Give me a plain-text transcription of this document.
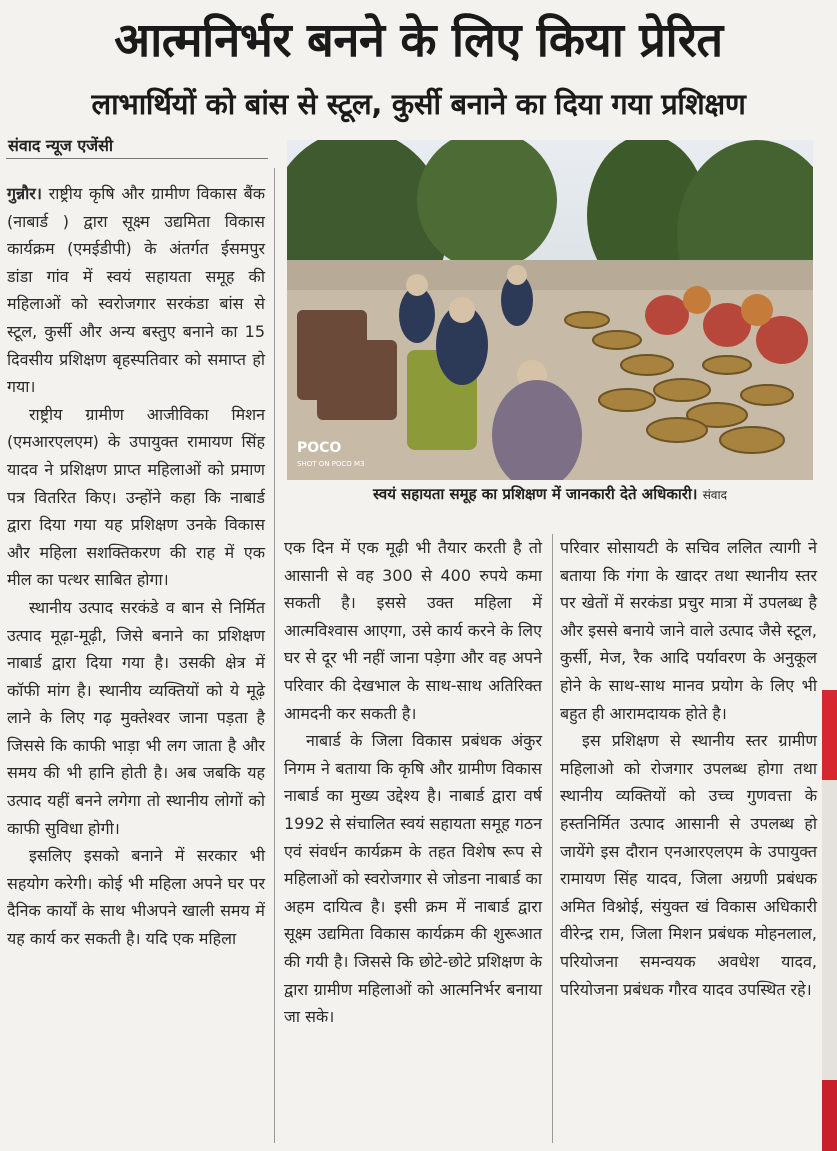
आत्मनिर्भर बनने के लिए किया प्रेरित
लाभार्थियों को बांस से स्टूल, कुर्सी बनाने का दिया गया प्रशिक्षण
संवाद न्यूज एजेंसी

गुन्नौर। राष्ट्रीय कृषि और ग्रामीण विकास बैंक (नाबार्ड ) द्वारा सूक्ष्म उद्यमिता विकास कार्यक्रम (एमईडीपी) के अंतर्गत ईसमपुर डांडा गांव में स्वयं सहायता समूह की महिलाओं को स्वरोजगार सरकंडा बांस से स्टूल, कुर्सी और अन्य बस्तुए बनाने का 15 दिवसीय प्रशिक्षण बृहस्पतिवार को समाप्त हो गया।

राष्ट्रीय ग्रामीण आजीविका मिशन (एमआरएलएम) के उपायुक्त रामायण सिंह यादव ने प्रशिक्षण प्राप्त महिलाओं को प्रमाण पत्र वितरित किए। उन्होंने कहा कि नाबार्ड द्वारा दिया गया यह प्रशिक्षण उनके विकास और महिला सशक्तिकरण की राह में एक मील का पत्थर साबित होगा।

स्थानीय उत्पाद सरकंडे व बान से निर्मित उत्पाद मूढ़ा-मूढ़ी, जिसे बनाने का प्रशिक्षण नाबार्ड द्वारा दिया गया है। उसकी क्षेत्र में कॉफी मांग है। स्थानीय व्यक्तियों को ये मूढ़े लाने के लिए गढ़ मुक्तेश्वर जाना पड़ता है जिससे कि काफी भाड़ा भी लग जाता है और समय की भी हानि होती है। अब जबकि यह उत्पाद यहीं बनने लगेगा तो स्थानीय लोगों को काफी सुविधा होगी।

इसलिए इसको बनाने में सरकार भी सहयोग करेगी। कोई भी महिला अपने घर पर दैनिक कार्यों के साथ भीअपने खाली समय में यह कार्य कर सकती है। यदि एक महिला

POCO
SHOT ON POCO M3
स्वयं सहायता समूह का प्रशिक्षण में जानकारी देते अधिकारी। संवाद

एक दिन में एक मूढ़ी भी तैयार करती है तो आसानी से वह 300 से 400 रुपये कमा सकती है। इससे उक्त महिला में आत्मविश्वास आएगा, उसे कार्य करने के लिए घर से दूर भी नहीं जाना पड़ेगा और वह अपने परिवार की देखभाल के साथ-साथ अतिरिक्त आमदनी कर सकती है।

नाबार्ड के जिला विकास प्रबंधक अंकुर निगम ने बताया कि कृषि और ग्रामीण विकास नाबार्ड का मुख्य उद्देश्य है। नाबार्ड द्वारा वर्ष 1992 से संचालित स्वयं सहायता समूह गठन एवं संवर्धन कार्यक्रम के तहत विशेष रूप से महिलाओं को स्वरोजगार से जोडना नाबार्ड का अहम दायित्व है। इसी क्रम में नाबार्ड द्वारा सूक्ष्म उद्यमिता विकास कार्यक्रम की शुरूआत की गयी है। जिससे कि छोटे-छोटे प्रशिक्षण के द्वारा ग्रामीण महिलाओं को आत्मनिर्भर बनाया जा सके।

परिवार सोसायटी के सचिव ललित त्यागी ने बताया कि गंगा के खादर तथा स्थानीय स्तर पर खेतों में सरकंडा प्रचुर मात्रा में उपलब्ध है और इससे बनाये जाने वाले उत्पाद जैसे स्टूल, कुर्सी, मेज, रैक आदि पर्यावरण के अनुकूल होने के साथ-साथ मानव प्रयोग के लिए भी बहुत ही आरामदायक होते है।

इस प्रशिक्षण से स्थानीय स्तर ग्रामीण महिलाओ को रोजगार उपलब्ध होगा तथा स्थानीय व्यक्तियों को उच्च गुणवत्ता के हस्तनिर्मित उत्पाद आसानी से उपलब्ध हो जायेंगे इस दौरान एनआरएलएम के उपायुक्त रामायण सिंह यादव, जिला अग्रणी प्रबंधक अमित विश्नोई, संयुक्त खं विकास अधिकारी वीरेन्द्र राम, जिला मिशन प्रबंधक मोहनलाल, परियोजना समन्वयक अवधेश यादव, परियोजना प्रबंधक गौरव यादव उपस्थित रहे।
